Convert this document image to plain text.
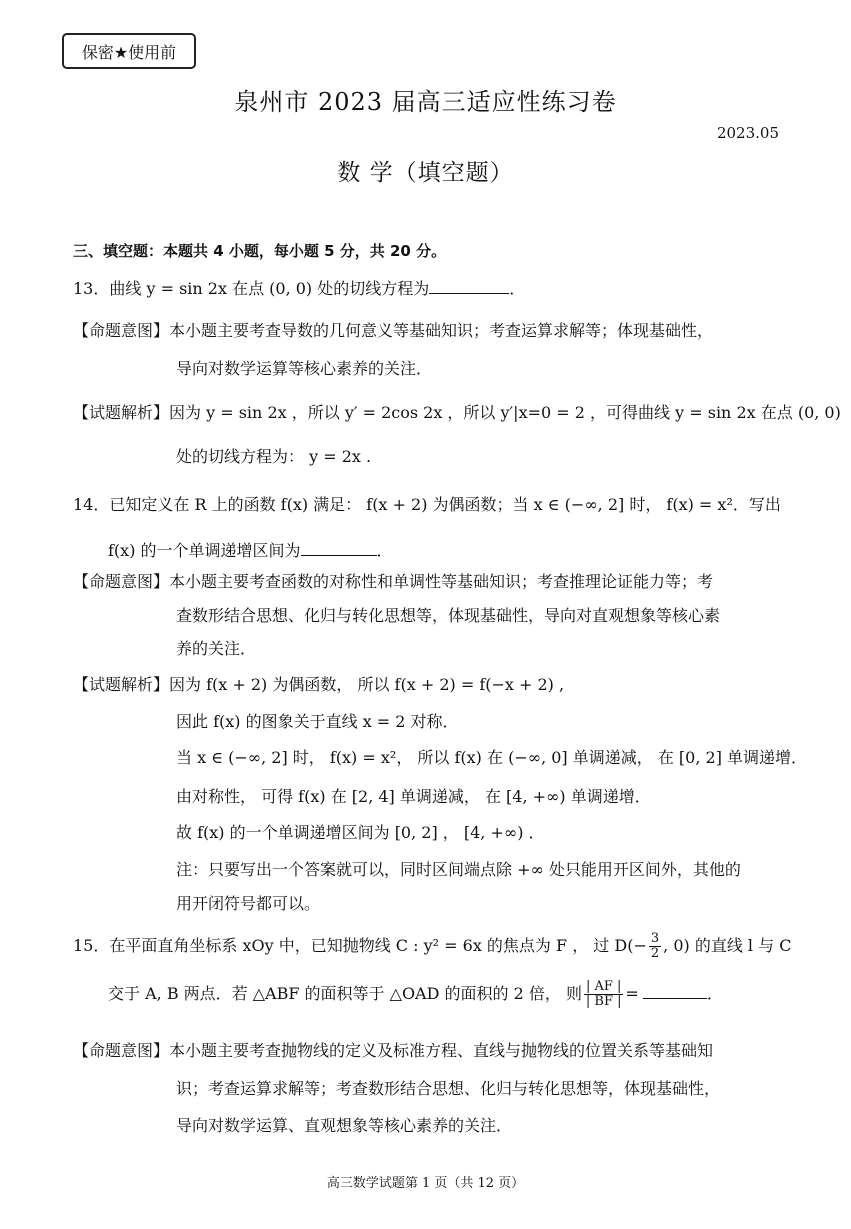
保密★使用前
泉州市 2023 届高三适应性练习卷
2023.05
数 学（填空题）
三、填空题：本题共 4 小题，每小题 5 分，共 20 分。
13．曲线 y = sin 2x 在点 (0, 0) 处的切线方程为	．
【命题意图】本小题主要考查导数的几何意义等基础知识；考查运算求解等；体现基础性，
导向对数学运算等核心素养的关注．
【试题解析】因为 y = sin 2x ，所以 y′ = 2cos 2x ，所以 y′|x=0 = 2 ，可得曲线 y = sin 2x 在点 (0, 0)
处的切线方程为： y = 2x .
14．已知定义在 R 上的函数 f(x) 满足： f(x + 2) 为偶函数；当 x ∈ (−∞, 2] 时， f(x) = x²．写出
f(x) 的一个单调递增区间为	．
【命题意图】本小题主要考查函数的对称性和单调性等基础知识；考查推理论证能力等；考
查数形结合思想、化归与转化思想等，体现基础性，导向对直观想象等核心素
养的关注．
【试题解析】因为 f(x + 2) 为偶函数， 所以 f(x + 2) = f(−x + 2) ,
因此 f(x) 的图象关于直线 x = 2 对称．
当 x ∈ (−∞, 2] 时， f(x) = x²， 所以 f(x) 在 (−∞, 0] 单调递减， 在 [0, 2] 单调递增．
由对称性， 可得 f(x) 在 [2, 4] 单调递减， 在 [4, +∞) 单调递增．
故 f(x) 的一个单调递增区间为 [0, 2] ， [4, +∞) ．
注：只要写出一个答案就可以，同时区间端点除 +∞ 处只能用开区间外，其他的
用开闭符号都可以。
15．在平面直角坐标系 xOy 中，已知抛物线 C : y² = 6x 的焦点为 F ， 过 $D(- \frac{3}{2}$ , 0) 的直线 l 与 C
交于 A, B 两点．若 △ABF 的面积等于 △OAD 的面积的 2 倍， 则 $\frac{| AF |}{| BF |}$ =	．
【命题意图】本小题主要考查抛物线的定义及标准方程、直线与抛物线的位置关系等基础知
识；考查运算求解等；考查数形结合思想、化归与转化思想等，体现基础性，
导向对数学运算、直观想象等核心素养的关注．
高三数学试题第 1 页（共 12 页）
